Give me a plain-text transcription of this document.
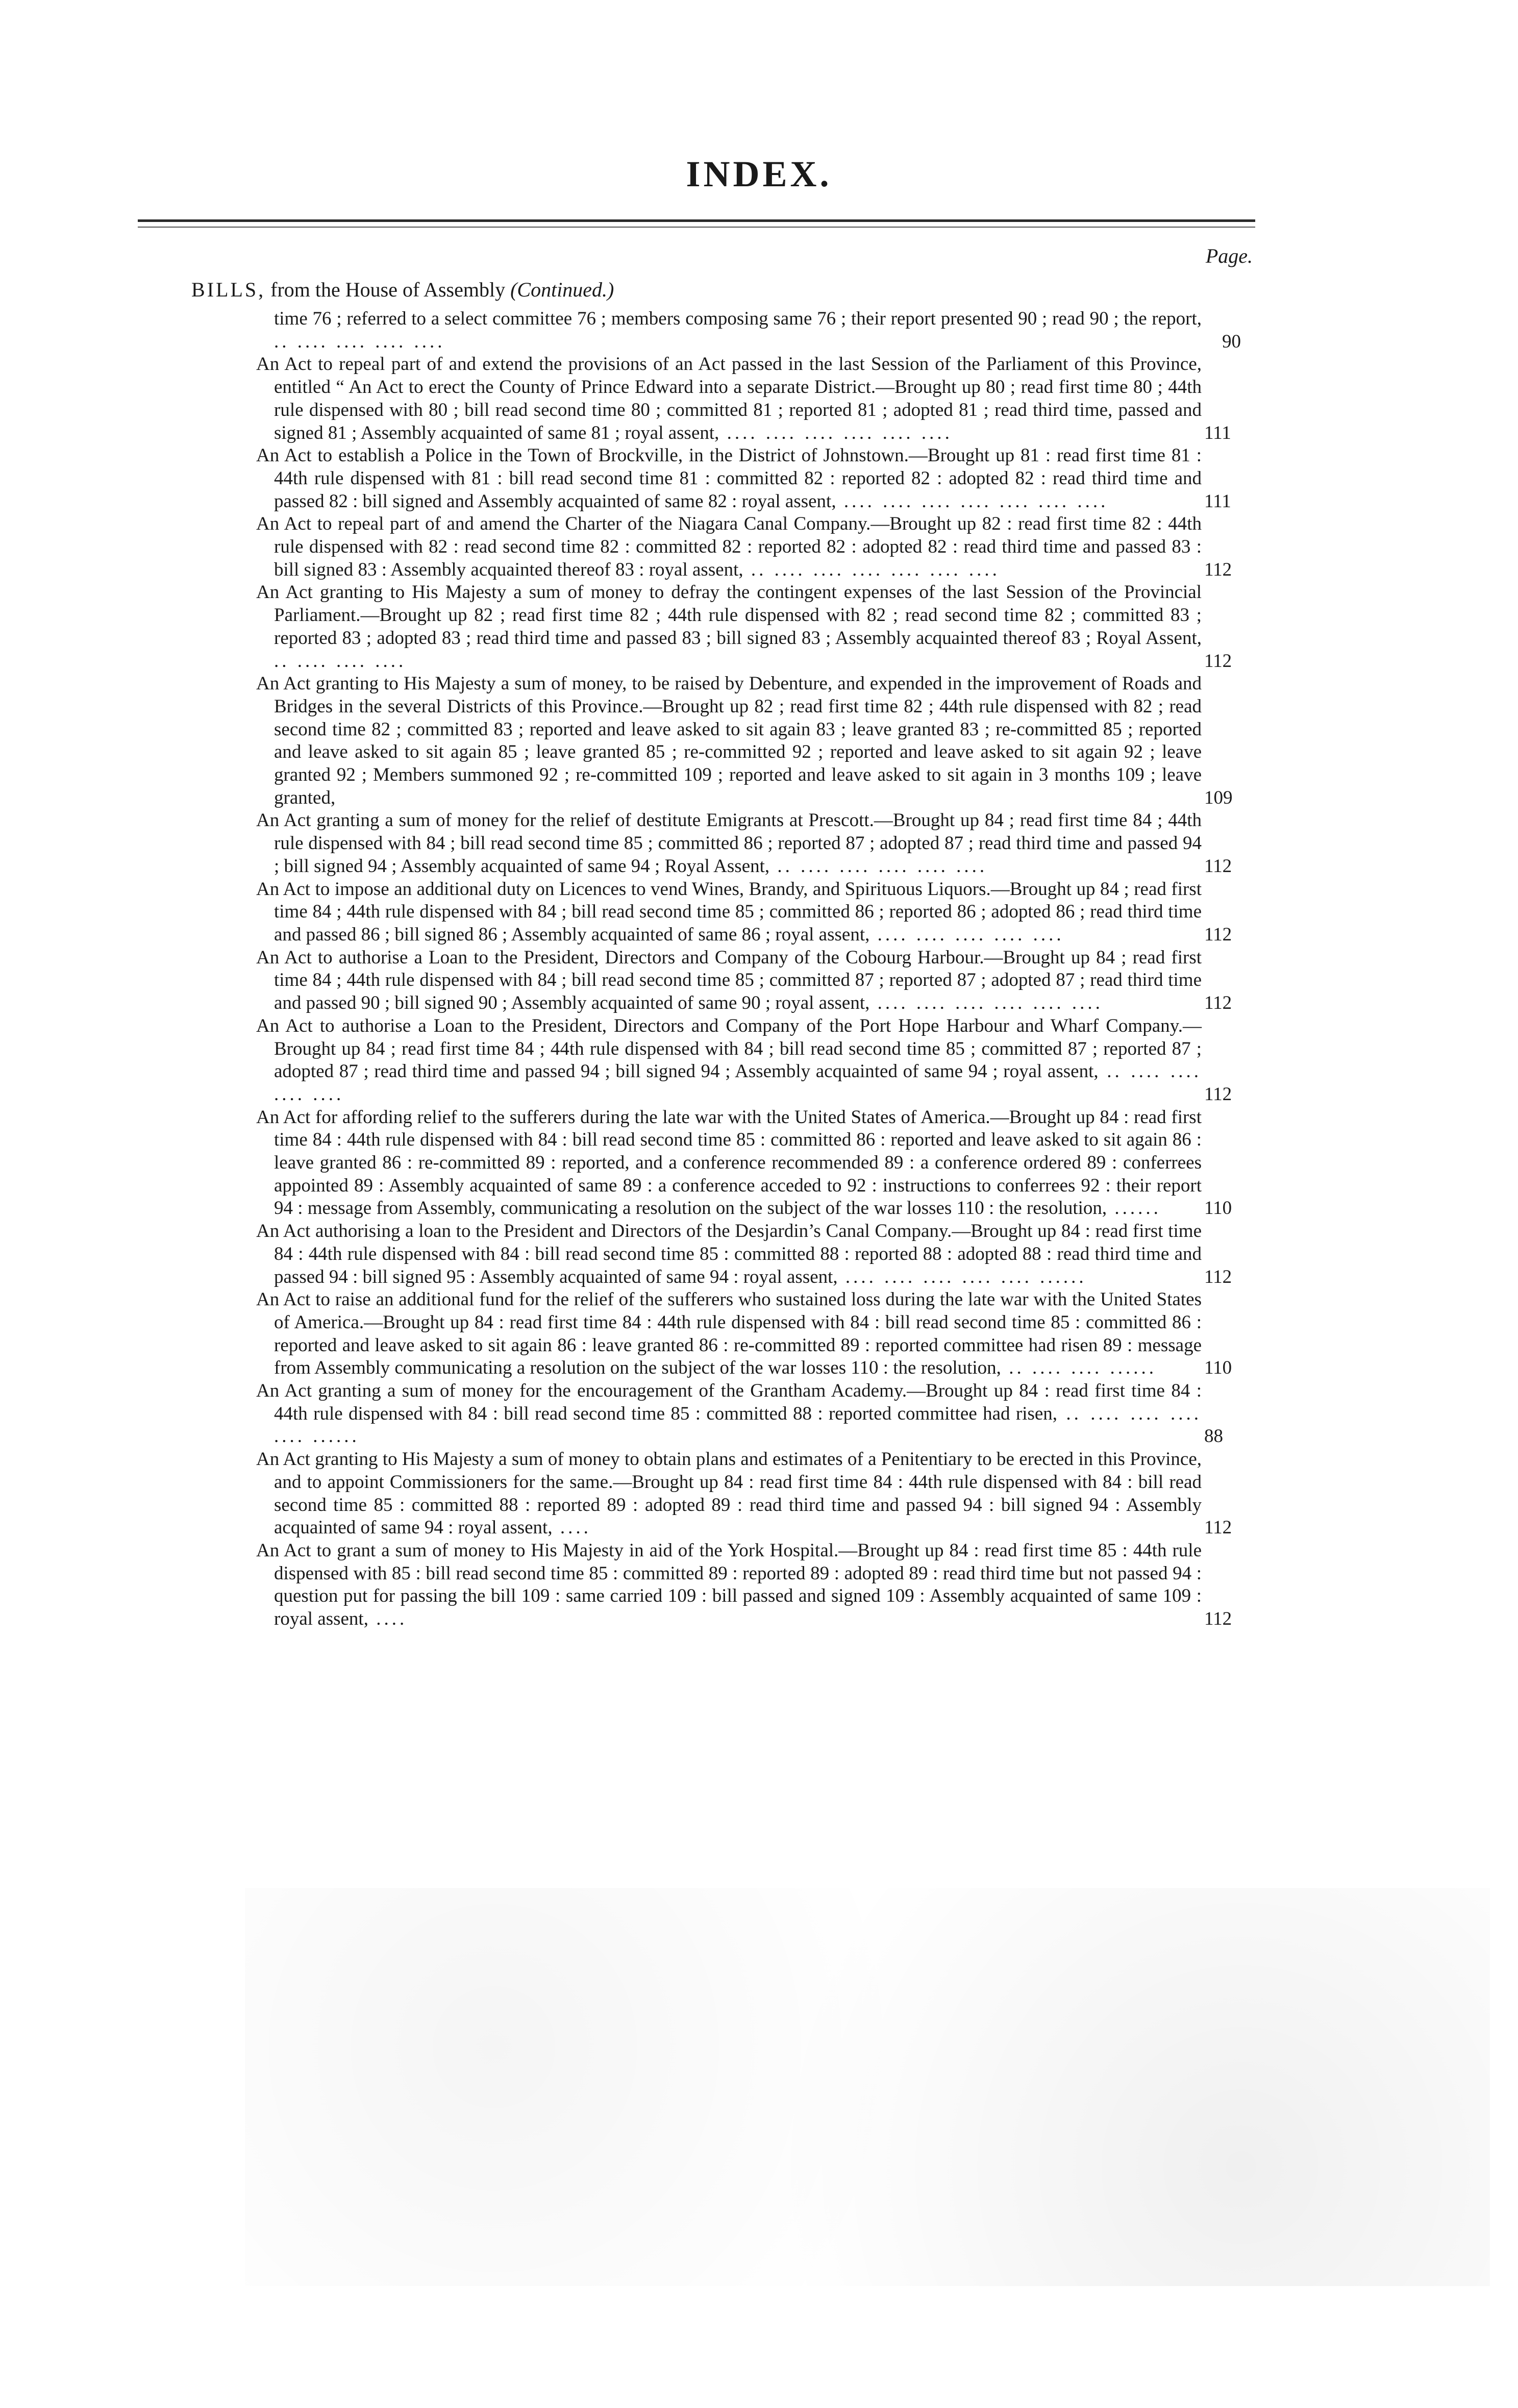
INDEX.
Page.
BILLS, from the House of Assembly (Continued.)

time 76 ; referred to a select committee 76 ; members composing same 76 ; their report presented 90 ; read 90 ; the report, .. .... .... .... ....	90

An Act to repeal part of and extend the provisions of an Act passed in the last Session of the Parliament of this Province, entitled “ An Act to erect the County of Prince Edward into a separate District.—Brought up 80 ; read first time 80 ; 44th rule dispensed with 80 ; bill read second time 80 ; committed 81 ; reported 81 ; adopted 81 ; read third time, passed and signed 81 ; Assembly acquainted of same 81 ; royal assent, .... .... .... .... .... ....	111

An Act to establish a Police in the Town of Brockville, in the District of Johnstown.—Brought up 81 : read first time 81 : 44th rule dispensed with 81 : bill read second time 81 : committed 82 : reported 82 : adopted 82 : read third time and passed 82 : bill signed and Assembly acquainted of same 82 : royal assent, .... .... .... .... .... .... ....	111

An Act to repeal part of and amend the Charter of the Niagara Canal Company.—Brought up 82 : read first time 82 : 44th rule dispensed with 82 : read second time 82 : committed 82 : reported 82 : adopted 82 : read third time and passed 83 : bill signed 83 : Assembly acquainted thereof 83 : royal assent, .. .... .... .... .... .... ....	112

An Act granting to His Majesty a sum of money to defray the contingent expenses of the last Session of the Provincial Parliament.—Brought up 82 ; read first time 82 ; 44th rule dispensed with 82 ; read second time 82 ; committed 83 ; reported 83 ; adopted 83 ; read third time and passed 83 ; bill signed 83 ; Assembly acquainted thereof 83 ; Royal Assent, .. .... .... ....	112

An Act granting to His Majesty a sum of money, to be raised by Debenture, and expended in the improvement of Roads and Bridges in the several Districts of this Province.—Brought up 82 ; read first time 82 ; 44th rule dispensed with 82 ; read second time 82 ; committed 83 ; reported and leave asked to sit again 83 ; leave granted 83 ; re-committed 85 ; reported and leave asked to sit again 85 ; leave granted 85 ; re-committed 92 ; reported and leave asked to sit again 92 ; leave granted 92 ; Members summoned 92 ; re-committed 109 ; reported and leave asked to sit again in 3 months 109 ; leave granted,	109

An Act granting a sum of money for the relief of destitute Emigrants at Prescott.—Brought up 84 ; read first time 84 ; 44th rule dispensed with 84 ; bill read second time 85 ; committed 86 ; reported 87 ; adopted 87 ; read third time and passed 94 ; bill signed 94 ; Assembly acquainted of same 94 ; Royal Assent, .. .... .... .... .... ....	112

An Act to impose an additional duty on Licences to vend Wines, Brandy, and Spirituous Liquors.—Brought up 84 ; read first time 84 ; 44th rule dispensed with 84 ; bill read second time 85 ; committed 86 ; reported 86 ; adopted 86 ; read third time and passed 86 ; bill signed 86 ; Assembly acquainted of same 86 ; royal assent, .... .... .... .... ....	112

An Act to authorise a Loan to the President, Directors and Company of the Cobourg Harbour.—Brought up 84 ; read first time 84 ; 44th rule dispensed with 84 ; bill read second time 85 ; committed 87 ; reported 87 ; adopted 87 ; read third time and passed 90 ; bill signed 90 ; Assembly acquainted of same 90 ; royal assent, .... .... .... .... .... ....	112

An Act to authorise a Loan to the President, Directors and Company of the Port Hope Harbour and Wharf Company.—Brought up 84 ; read first time 84 ; 44th rule dispensed with 84 ; bill read second time 85 ; committed 87 ; reported 87 ; adopted 87 ; read third time and passed 94 ; bill signed 94 ; Assembly acquainted of same 94 ; royal assent, .. .... .... .... ....	112

An Act for affording relief to the sufferers during the late war with the United States of America.—Brought up 84 : read first time 84 : 44th rule dispensed with 84 : bill read second time 85 : committed 86 : reported and leave asked to sit again 86 : leave granted 86 : re-committed 89 : reported, and a conference recommended 89 : a conference ordered 89 : conferrees appointed 89 : Assembly acquainted of same 89 : a conference acceded to 92 : instructions to conferrees 92 : their report 94 : message from Assembly, communicating a resolution on the subject of the war losses 110 : the resolution, ...... 110

An Act authorising a loan to the President and Directors of the Desjardin’s Canal Company.—Brought up 84 : read first time 84 : 44th rule dispensed with 84 : bill read second time 85 : committed 88 : reported 88 : adopted 88 : read third time and passed 94 : bill signed 95 : Assembly acquainted of same 94 : royal assent, .... .... .... .... .... ......	112

An Act to raise an additional fund for the relief of the sufferers who sustained loss during the late war with the United States of America.—Brought up 84 : read first time 84 : 44th rule dispensed with 84 : bill read second time 85 : committed 86 : reported and leave asked to sit again 86 : leave granted 86 : re-committed 89 : reported committee had risen 89 : message from Assembly communicating a resolution on the subject of the war losses 110 : the resolution, .. .... .... ......	110

An Act granting a sum of money for the encouragement of the Grantham Academy.—Brought up 84 : read first time 84 : 44th rule dispensed with 84 : bill read second time 85 : committed 88 : reported committee had risen, .. .... .... .... .... ......	88

An Act granting to His Majesty a sum of money to obtain plans and estimates of a Penitentiary to be erected in this Province, and to appoint Commissioners for the same.—Brought up 84 : read first time 84 : 44th rule dispensed with 84 : bill read second time 85 : committed 88 : reported 89 : adopted 89 : read third time and passed 94 : bill signed 94 : Assembly acquainted of same 94 : royal assent, ....	112

An Act to grant a sum of money to His Majesty in aid of the York Hospital.—Brought up 84 : read first time 85 : 44th rule dispensed with 85 : bill read second time 85 : committed 89 : reported 89 : adopted 89 : read third time but not passed 94 : question put for passing the bill 109 : same carried 109 : bill passed and signed 109 : Assembly acquainted of same 109 : royal assent, ....	112
